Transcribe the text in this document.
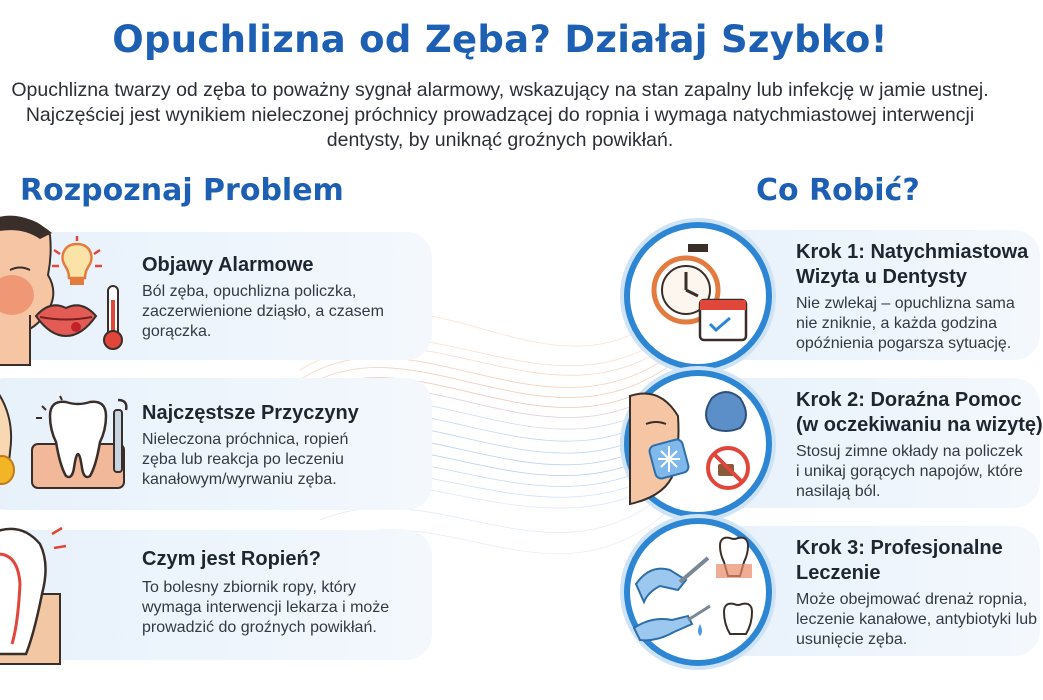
Opuchlizna od Zęba? Działaj Szybko!

Opuchlizna twarzy od zęba to poważny sygnał alarmowy, wskazujący na stan zapalny lub infekcję w jamie ustnej.
Najczęściej jest wynikiem nieleczonej próchnicy prowadzącej do ropnia i wymaga natychmiastowej interwencji
dentysty, by uniknąć groźnych powikłań.

Rozpoznaj Problem
Objawy Alarmowe
Ból zęba, opuchlizna policzka,
zaczerwienione dziąsło, a czasem
gorączka.
Najczęstsze Przyczyny
Nieleczona próchnica, ropień
zęba lub reakcja po leczeniu
kanałowym/wyrwaniu zęba.
Czym jest Ropień?
To bolesny zbiornik ropy, który
wymaga interwencji lekarza i może
prowadzić do groźnych powikłań.
Co Robić?
Krok 1: Natychmiastowa
Wizyta u Dentysty
Nie zwlekaj – opuchlizna sama
nie zniknie, a każda godzina
opóźnienia pogarsza sytuację.
Krok 2: Doraźna Pomoc
(w oczekiwaniu na wizytę)
Stosuj zimne okłady na policzek
i unikaj gorących napojów, które
nasilają ból.
Krok 3: Profesjonalne
Leczenie
Może obejmować drenaż ropnia,
leczenie kanałowe, antybiotyki lub
usunięcie zęba.
